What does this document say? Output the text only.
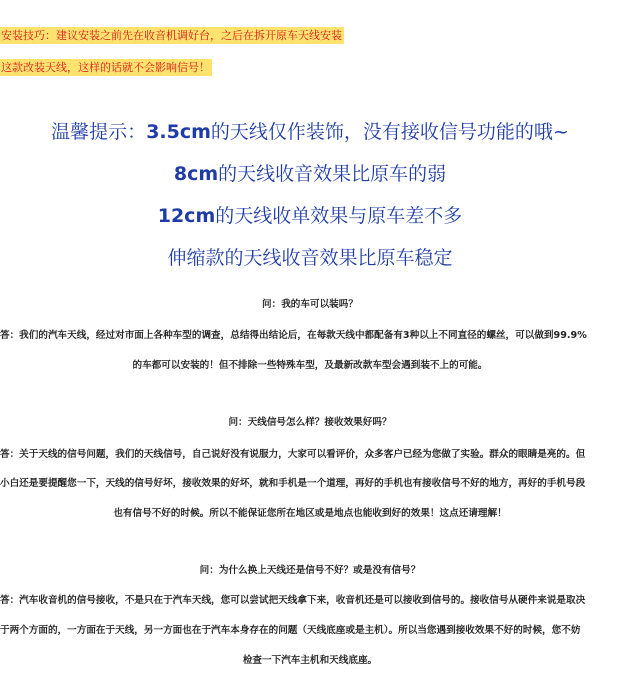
安装技巧：建议安装之前先在收音机调好台，之后在拆开原车天线安装
这款改装天线，这样的话就不会影响信号！
温馨提示：3.5cm的天线仅作装饰，没有接收信号功能的哦~
8cm的天线收音效果比原车的弱
12cm的天线收单效果与原车差不多
伸缩款的天线收音效果比原车稳定
问：我的车可以装吗？
答：我们的汽车天线，经过对市面上各种车型的调查，总结得出结论后，在每款天线中都配备有3种以上不同直径的螺丝，可以做到99.9%
的车都可以安装的！但不排除一些特殊车型，及最新改款车型会遇到装不上的可能。
问：天线信号怎么样？接收效果好吗？
答：关于天线的信号问题，我们的天线信号，自己说好没有说服力，大家可以看评价，众多客户已经为您做了实验。群众的眼睛是亮的。但
小白还是要提醒您一下，天线的信号好坏，接收效果的好坏，就和手机是一个道理，再好的手机也有接收信号不好的地方，再好的手机号段
也有信号不好的时候。所以不能保证您所在地区或是地点也能收到好的效果！这点还请理解！
问：为什么换上天线还是信号不好？或是没有信号？
答：汽车收音机的信号接收，不是只在于汽车天线，您可以尝试把天线拿下来，收音机还是可以接收到信号的。接收信号从硬件来说是取决
于两个方面的，一方面在于天线，另一方面也在于汽车本身存在的问题（天线底座或是主机）。所以当您遇到接收效果不好的时候，您不妨
检查一下汽车主机和天线底座。
